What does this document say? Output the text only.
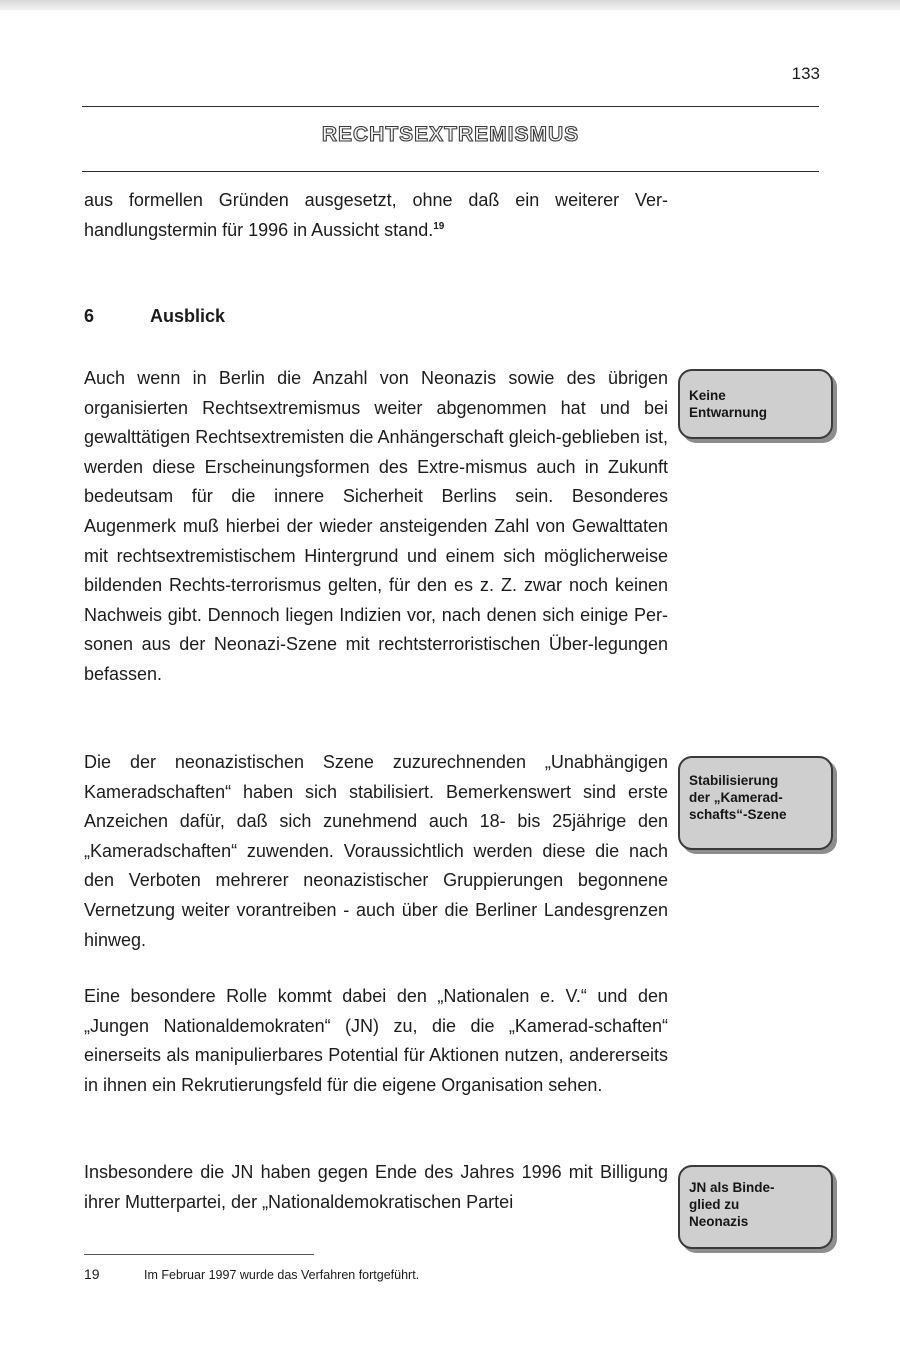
133
RECHTSEXTREMISMUS
aus formellen Gründen ausgesetzt, ohne daß ein weiterer Ver-handlungstermin für 1996 in Aussicht stand.$^{19}$
6	Ausblick
Auch wenn in Berlin die Anzahl von Neonazis sowie des übrigen organisierten Rechtsextremismus weiter abgenommen hat und bei gewalttätigen Rechtsextremisten die Anhängerschaft gleich-geblieben ist, werden diese Erscheinungsformen des Extre-mismus auch in Zukunft bedeutsam für die innere Sicherheit Berlins sein. Besonderes Augenmerk muß hierbei der wieder ansteigenden Zahl von Gewalttaten mit rechtsextremistischem Hintergrund und einem sich möglicherweise bildenden Rechts-terrorismus gelten, für den es z. Z. zwar noch keinen Nachweis gibt. Dennoch liegen Indizien vor, nach denen sich einige Per-sonen aus der Neonazi-Szene mit rechtsterroristischen Über-legungen befassen.
Die der neonazistischen Szene zuzurechnenden „Unabhängigen Kameradschaften“ haben sich stabilisiert. Bemerkenswert sind erste Anzeichen dafür, daß sich zunehmend auch 18- bis 25jährige den „Kameradschaften“ zuwenden. Voraussichtlich werden diese die nach den Verboten mehrerer neonazistischer Gruppierungen begonnene Vernetzung weiter vorantreiben - auch über die Berliner Landesgrenzen hinweg.
Eine besondere Rolle kommt dabei den „Nationalen e. V.“ und den „Jungen Nationaldemokraten“ (JN) zu, die die „Kamerad-schaften“ einerseits als manipulierbares Potential für Aktionen nutzen, andererseits in ihnen ein Rekrutierungsfeld für die eigene Organisation sehen.
Insbesondere die JN haben gegen Ende des Jahres 1996 mit Billigung ihrer Mutterpartei, der „Nationaldemokratischen Partei
Keine
Entwarnung
Stabilisierung
der „Kamerad-
schafts“-Szene
JN als Binde-
glied zu
Neonazis
19	Im Februar 1997 wurde das Verfahren fortgeführt.
